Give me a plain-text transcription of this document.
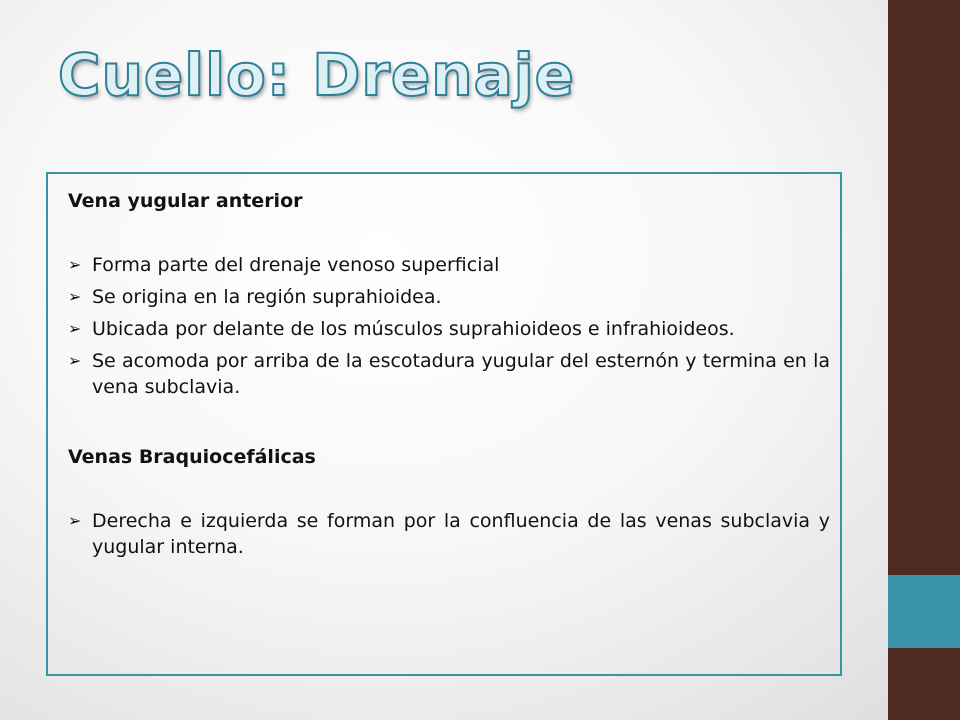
Cuello: Drenaje

Vena yugular anterior

➢ Forma parte del drenaje venoso superficial
➢ Se origina en la región suprahioidea.
➢ Ubicada por delante de los músculos suprahioideos e infrahioideos.
➢ Se acomoda por arriba de la escotadura yugular del esternón y termina en la vena subclavia.

Venas Braquiocefálicas

➢ Derecha e izquierda se forman por la confluencia de las venas subclavia y yugular interna.
